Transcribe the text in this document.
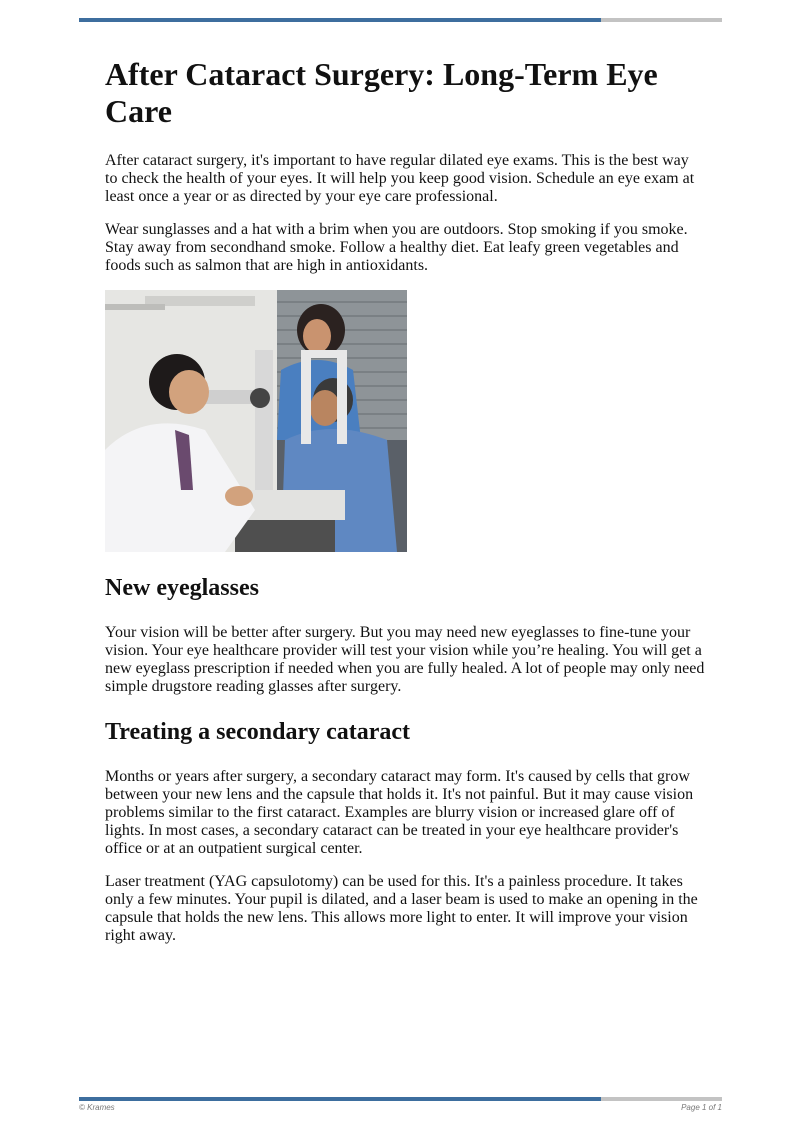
After Cataract Surgery: Long-Term Eye Care

After cataract surgery, it's important to have regular dilated eye exams. This is the best way to check the health of your eyes. It will help you keep good vision. Schedule an eye exam at least once a year or as directed by your eye care professional.

Wear sunglasses and a hat with a brim when you are outdoors. Stop smoking if you smoke. Stay away from secondhand smoke. Follow a healthy diet. Eat leafy green vegetables and foods such as salmon that are high in antioxidants.

New eyeglasses

Your vision will be better after surgery. But you may need new eyeglasses to fine-tune your vision. Your eye healthcare provider will test your vision while you’re healing. You will get a new eyeglass prescription if needed when you are fully healed. A lot of people may only need simple drugstore reading glasses after surgery.

Treating a secondary cataract

Months or years after surgery, a secondary cataract may form. It's caused by cells that grow between your new lens and the capsule that holds it. It's not painful. But it may cause vision problems similar to the first cataract. Examples are blurry vision or increased glare off of lights. In most cases, a secondary cataract can be treated in your eye healthcare provider's office or at an outpatient surgical center.

Laser treatment (YAG capsulotomy) can be used for this. It's a painless procedure. It takes only a few minutes. Your pupil is dilated, and a laser beam is used to make an opening in the capsule that holds the new lens. This allows more light to enter. It will improve your vision right away.

© Krames	Page 1 of 1
